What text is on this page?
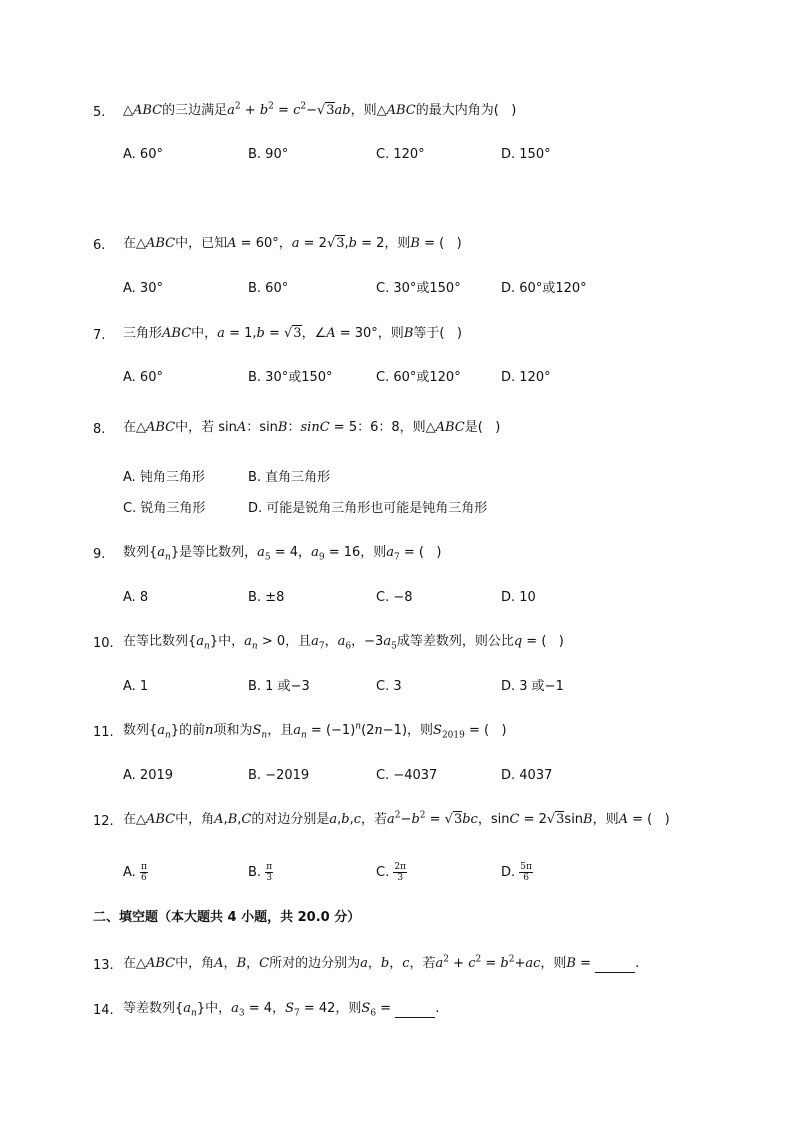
5. △ABC的三边满足$a^2 + b^2 = c^2-√3ab$，则△ABC的最大内角为(   )
A. 60°	B. 90°	C. 120°	D. 150°
6. 在△ABC中，已知A = 60°，a = 2√3,b = 2，则B = (   )
A. 30°	B. 60°	C. 30°或150°	D. 60°或120°
7. 三角形ABC中，a = 1,b = √3，∠A = 30°，则B等于(   )
A. 60°	B. 30°或150°	C. 60°或120°	D. 120°
8. 在△ABC中，若 sinA：sinB：sinC = 5：6：8，则△ABC是(   )
A. 钝角三角形	B. 直角三角形
C. 锐角三角形	D. 可能是锐角三角形也可能是钝角三角形
9. 数列$\{a_n\}$是等比数列，$a_5 = 4$，$a_9 = 16$，则$a_7$ = (   )
A. 8	B. ±8	C. −8	D. 10
10. 在等比数列$\{a_n\}$中，$a_n > 0$，且$a_7$，$a_6$，$-3a_5$成等差数列，则公比q = (   )
A. 1	B. 1 或−3	C. 3	D. 3 或−1
11. 数列$\{a_n\}$的前n项和为$S_n$，且$a_n = (-1)^n(2n-1)$，则$S_{2019}$ = (   )
A. 2019	B. −2019	C. −4037	D. 4037
12. 在△ABC中，角A,B,C的对边分别是a,b,c，若$a^2-b^2 = √3bc$，sinC = 2√3sinB，则A = (   )
A. $\frac{\pi}{6}$	B. $\frac{\pi}{3}$	C. $\frac{2\pi}{3}$	D. $\frac{5\pi}{6}$
二、填空题（本大题共 4 小题，共 20.0 分）
13. 在△ABC中，角A，B，C所对的边分别为a，b，c，若$a^2 + c^2 = b^2+ac$，则B =	.
14. 等差数列$\{a_n\}$中，$a_3 = 4$，$S_7 = 42$，则$S_6$ =	.
